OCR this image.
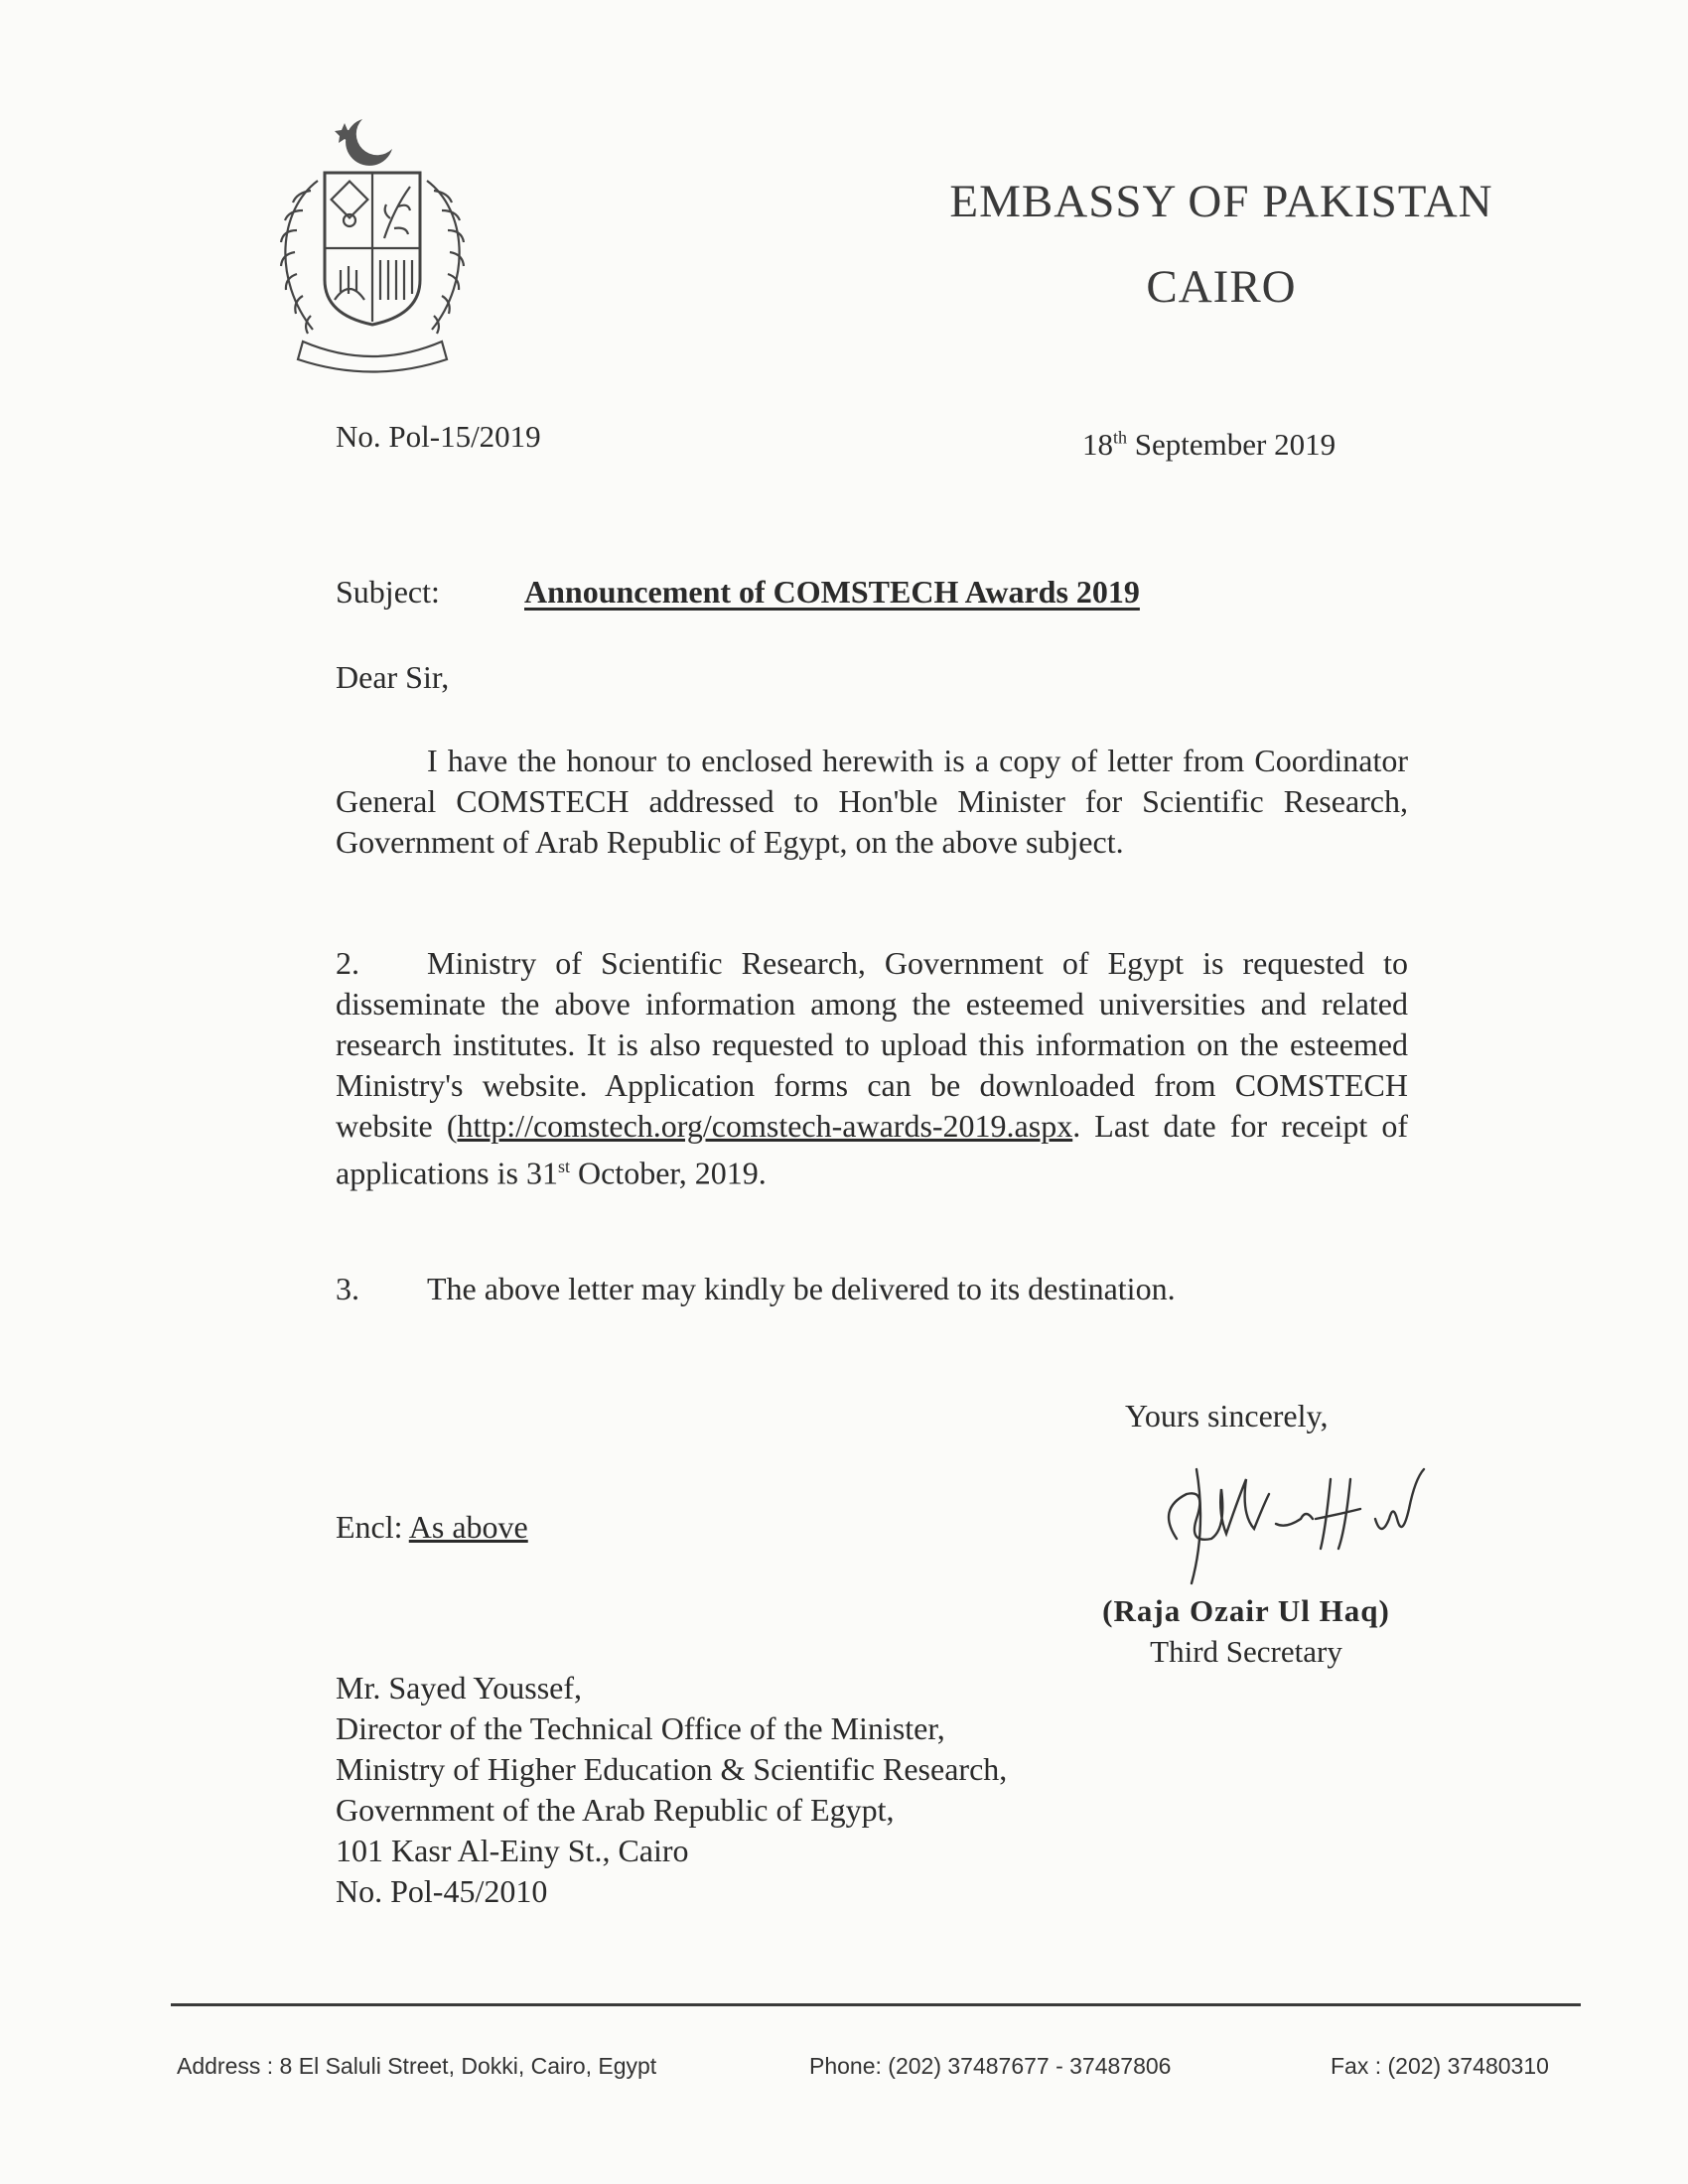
EMBASSY OF PAKISTAN
CAIRO
No. Pol-15/2019	18th September 2019
Subject:	Announcement of COMSTECH Awards 2019
Dear Sir,
I have the honour to enclosed herewith is a copy of letter from Coordinator General COMSTECH addressed to Hon'ble Minister for Scientific Research, Government of Arab Republic of Egypt, on the above subject.
2. Ministry of Scientific Research, Government of Egypt is requested to disseminate the above information among the esteemed universities and related research institutes. It is also requested to upload this information on the esteemed Ministry's website. Application forms can be downloaded from COMSTECH website (http://comstech.org/comstech-awards-2019.aspx. Last date for receipt of applications is 31st October, 2019.
3. The above letter may kindly be delivered to its destination.
Yours sincerely,
Encl: As above
(Raja Ozair Ul Haq)
Third Secretary
Mr. Sayed Youssef,
Director of the Technical Office of the Minister,
Ministry of Higher Education & Scientific Research,
Government of the Arab Republic of Egypt,
101 Kasr Al-Einy St., Cairo
No. Pol-45/2010
Address : 8 El Saluli Street, Dokki, Cairo, Egypt	Phone: (202) 37487677 - 37487806	Fax : (202) 37480310
